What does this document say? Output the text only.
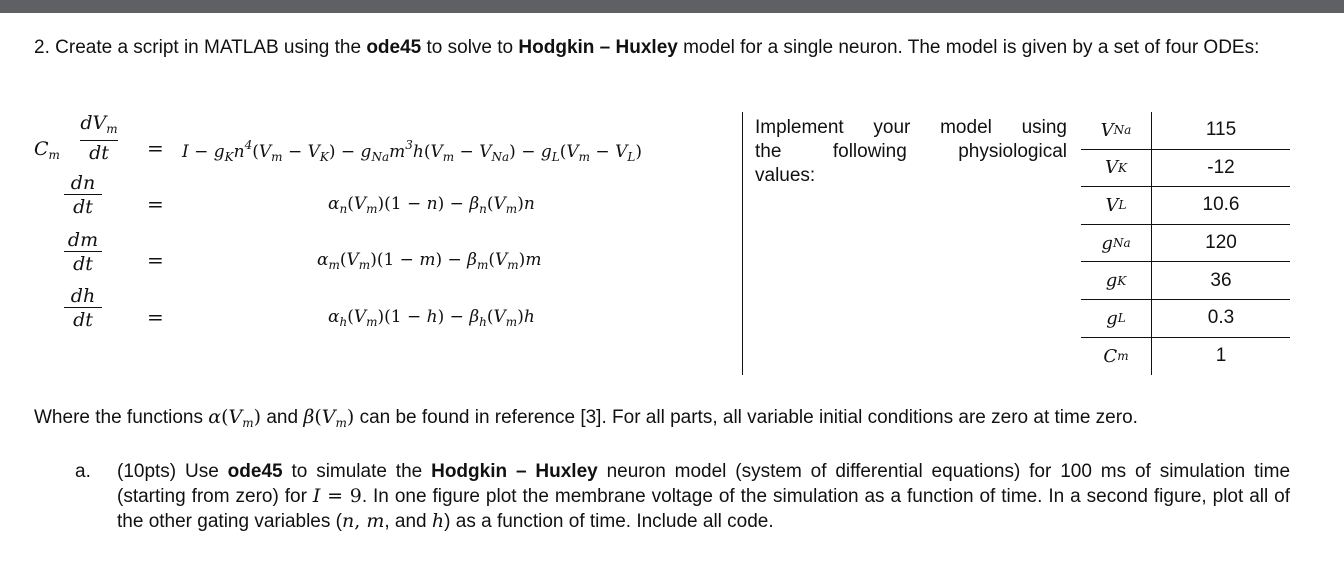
2. Create a script in MATLAB using the ode45 to solve to Hodgkin – Huxley model for a single neuron. The model is given by a set of four ODEs:
$C_m$
$dV_m$
dt = $I - g_Kn^4(V_m - V_K) - g_{Na}m^3h(V_m - V_{Na}) - g_L(V_m - V_L)$
dn
dt	=	$\alpha_n(V_m)(1 - n) - \beta_n(V_m)n$
dm
dt	=	$\alpha_m(V_m)(1 - m) - \beta_m(V_m)m$
dh
dt	=	$\alpha_h(V_m)(1 - h) - \beta_h(V_m)h$
Implement your model using
the	following	physiological
values:
V Na	115
V K	-12
V L	10.6
g Na	120
g K	36
g L	0.3
C m	1
Where the functions $\alpha(V_m)$ and $\beta(V_m)$ can be found in reference [3]. For all parts, all variable initial conditions are zero at time zero.
a. (10pts) Use ode45 to simulate the Hodgkin – Huxley neuron model (system of differential equations) for 100 ms of simulation time (starting from zero) for I = 9. In one figure plot the membrane voltage of the simulation as a function of time. In a second figure, plot all of the other gating variables (n, m, and h) as a function of time. Include all code.
